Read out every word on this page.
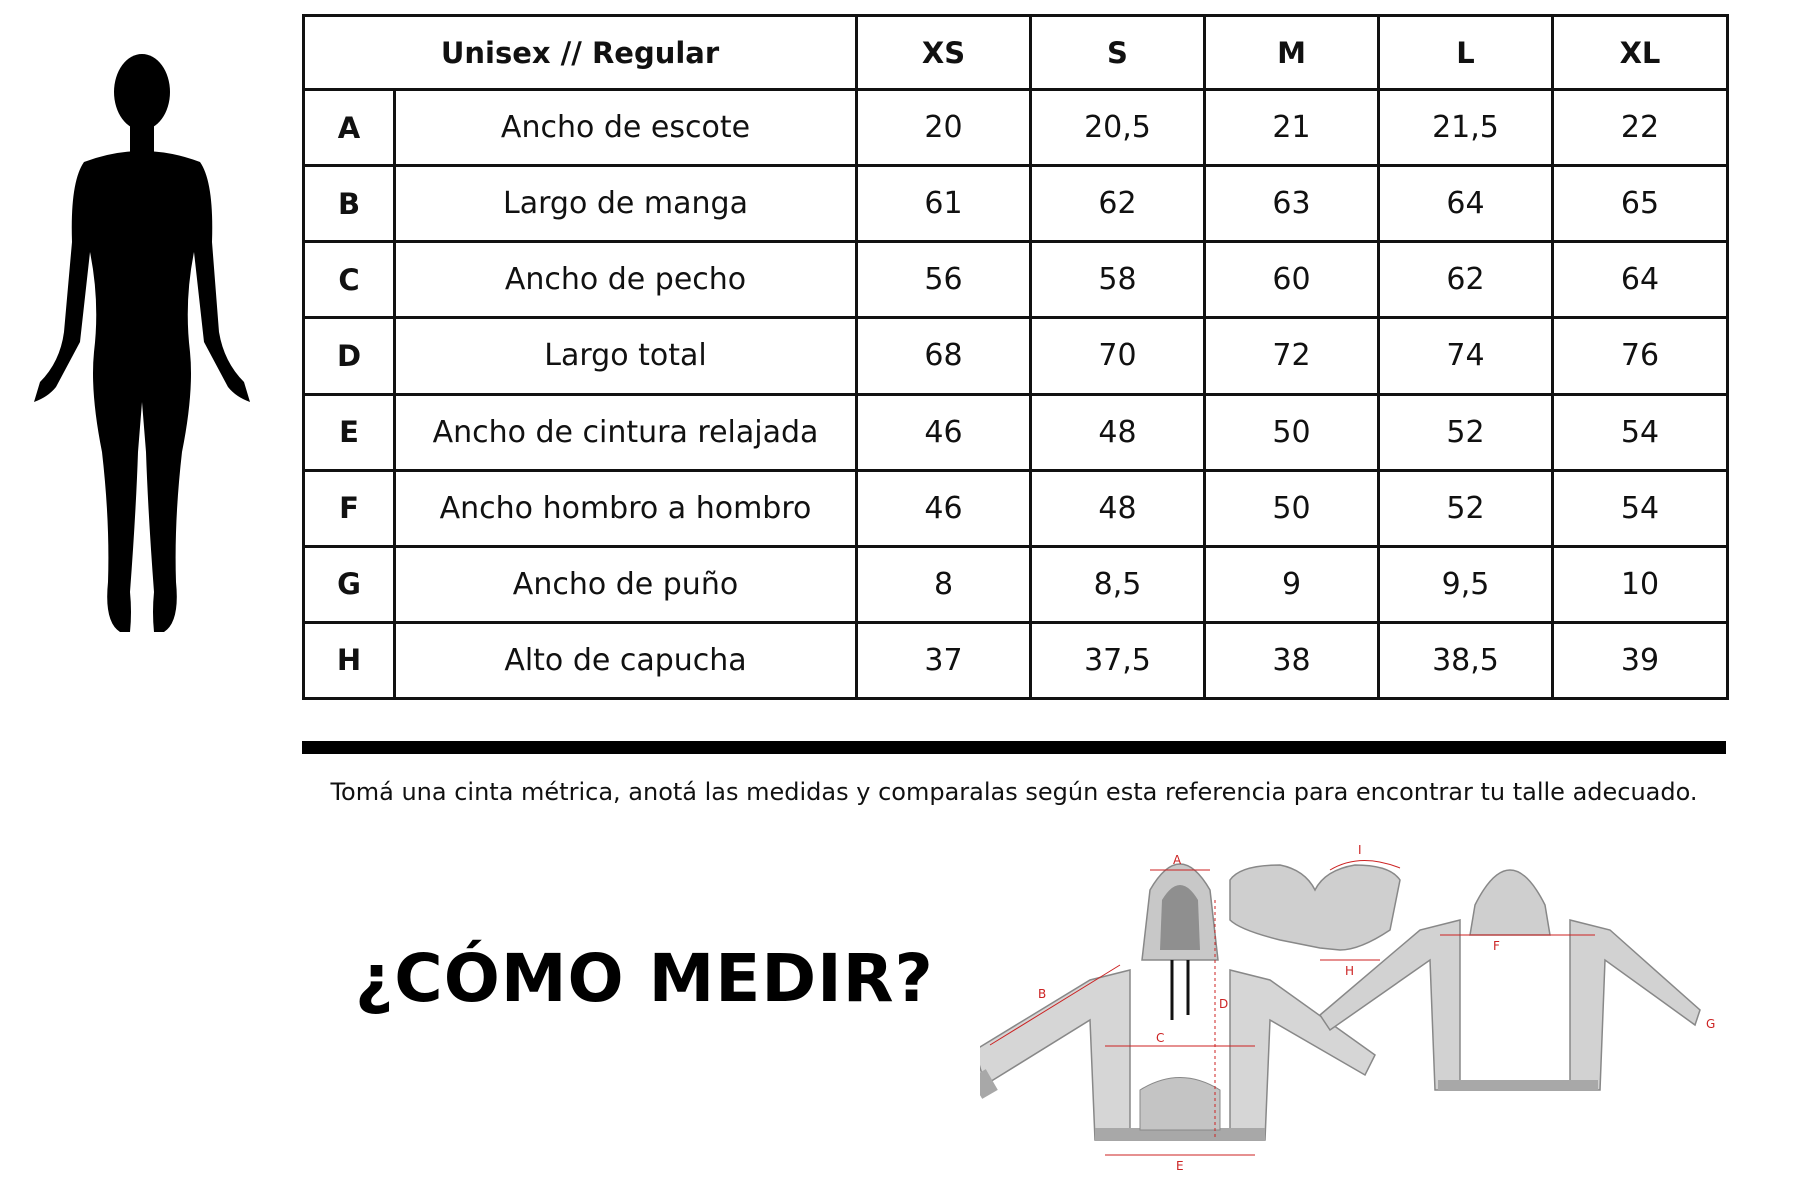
Unisex // Regular		XS	S	M	L	XL
A	Ancho de escote	20	20,5	21	21,5	22
B	Largo de manga	61	62	63	64	65
C	Ancho de pecho	56	58	60	62	64
D	Largo total	68	70	72	74	76
E	Ancho de cintura relajada	46	48	50	52	54
F	Ancho hombro a hombro	46	48	50	52	54
G	Ancho de puño	8	8,5	9	9,5	10
H	Alto de capucha	37	37,5	38	38,5	39
Tomá una cinta métrica, anotá las medidas y comparalas según esta referencia para encontrar tu talle adecuado.
¿CÓMO MEDIR?
A
B
C
D
E
I
H
F
G
